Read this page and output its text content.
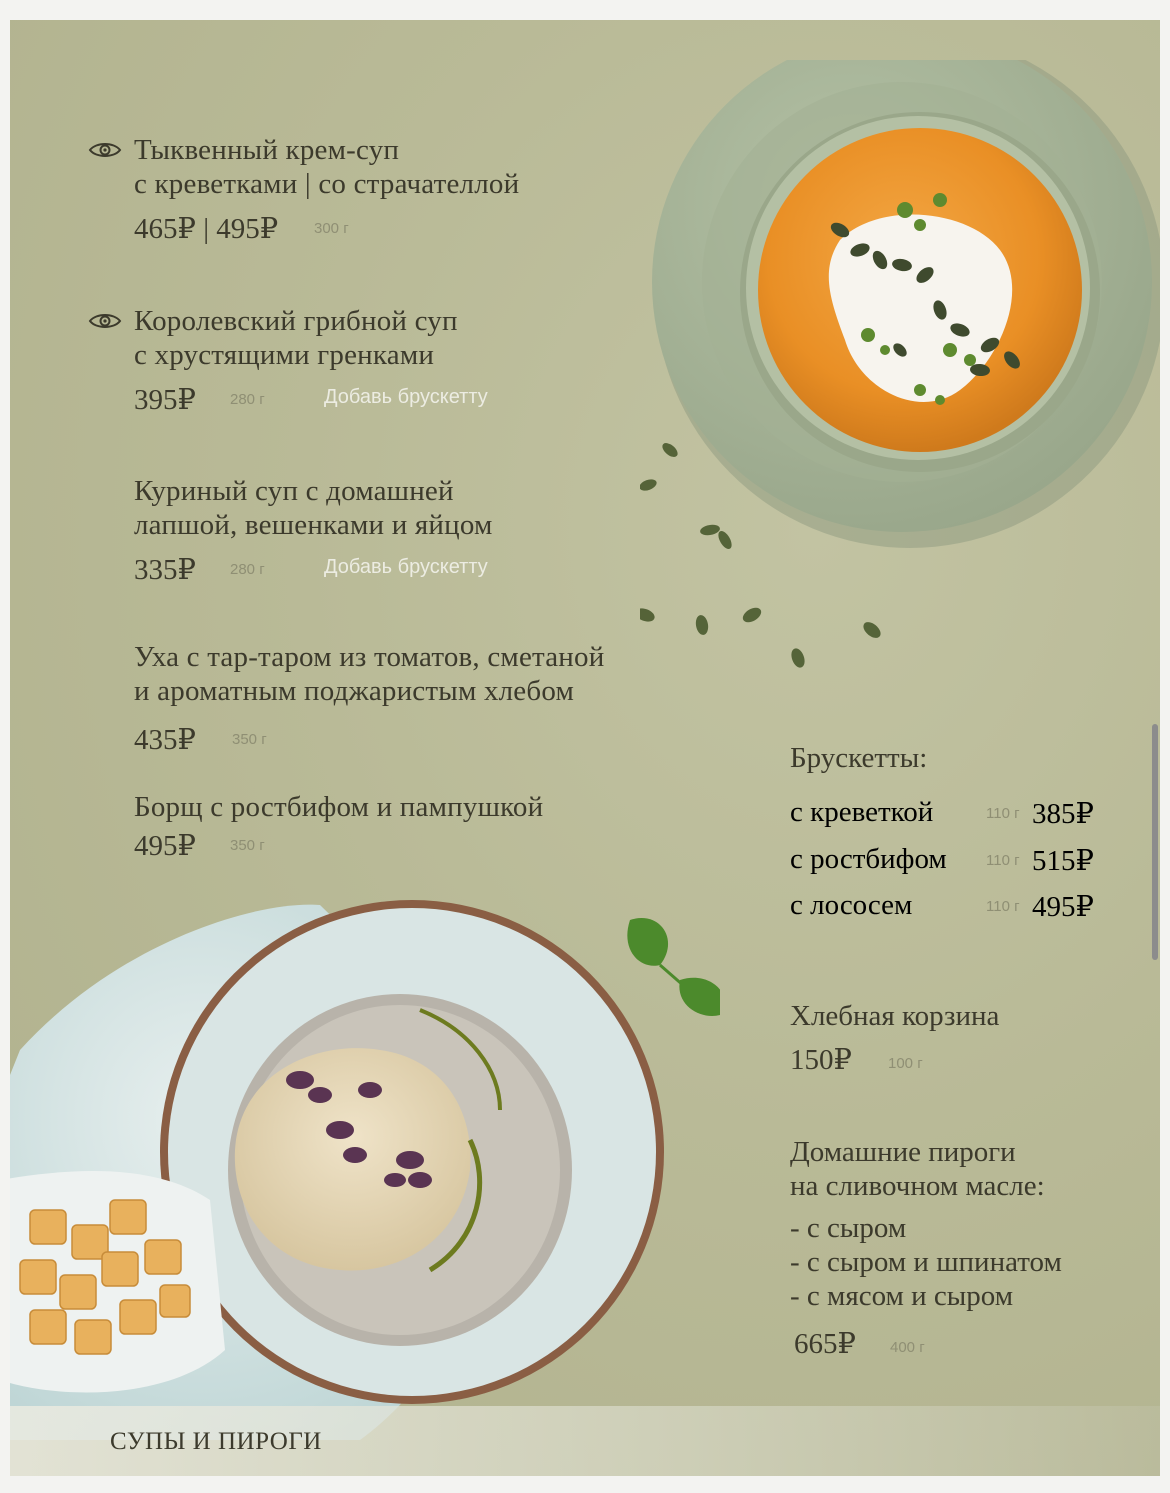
Тыквенный крем-суп
с креветками | со страчателлой
465₽ | 495₽ 300 г
Королевский грибной суп
с хрустящими гренками
395₽ 280 г	Добавь брускетту
Куриный суп с домашней
лапшой, вешенками и яйцом
335₽ 280 г	Добавь брускетту
Уха с тар-таром из томатов, сметаной
и ароматным поджаристым хлебом
435₽ 350 г
Борщ с ростбифом и пампушкой
495₽ 350 г
Брускетты:
с креветкой	110 г 385₽
с ростбифом	110 г 515₽
с лососем	110 г 495₽
Хлебная корзина
150₽ 100 г
Домашние пироги
на сливочном масле:
- с сыром
- с сыром и шпинатом
- с мясом и сыром
665₽ 400 г
СУПЫ И ПИРОГИ
